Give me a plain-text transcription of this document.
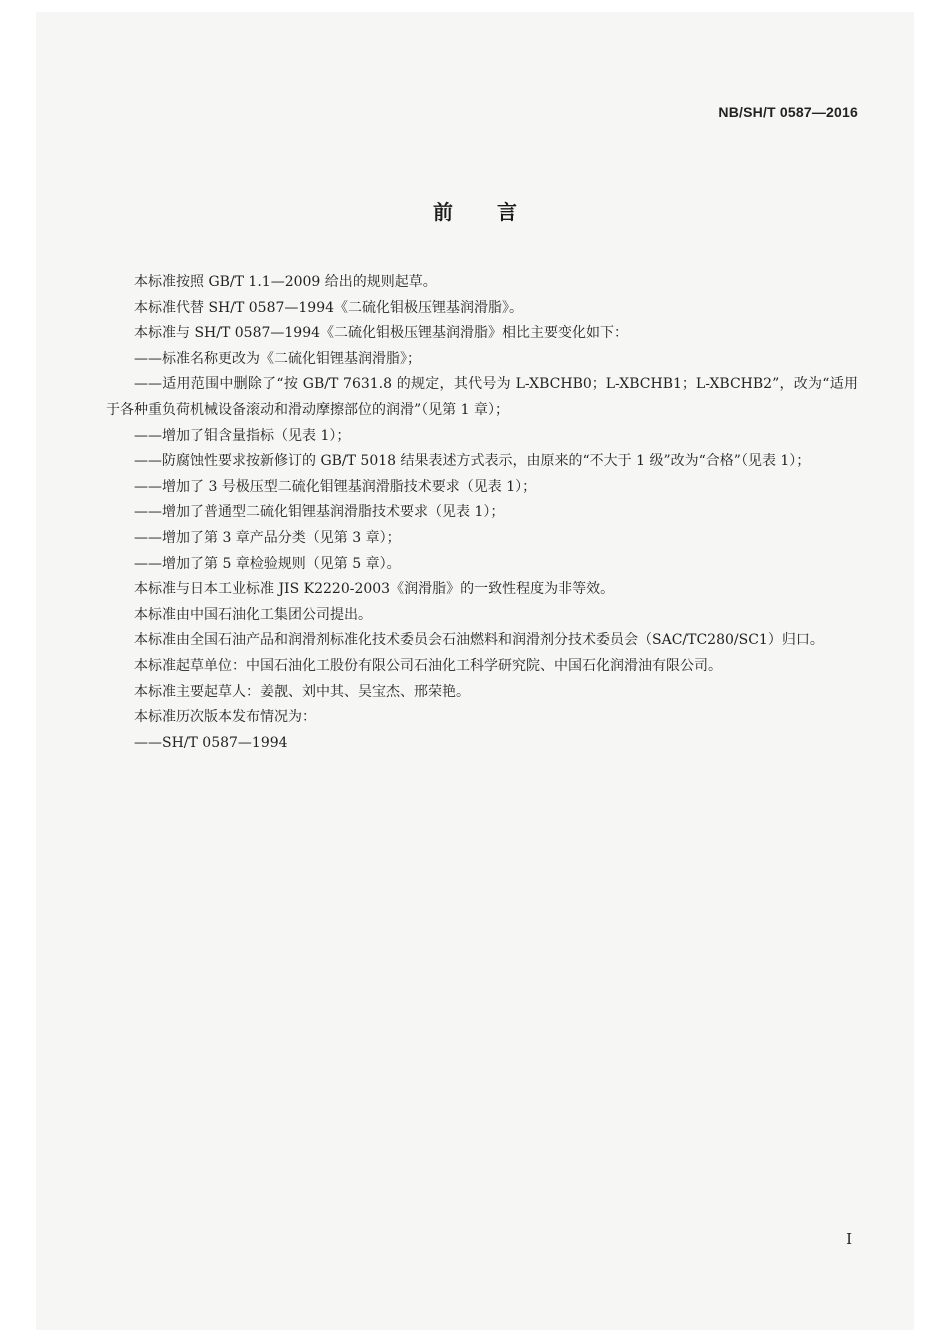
NB/SH/T 0587—2016
前言

本标准按照 GB/T 1.1—2009 给出的规则起草。

本标准代替 SH/T 0587—1994《二硫化钼极压锂基润滑脂》。

本标准与 SH/T 0587—1994《二硫化钼极压锂基润滑脂》相比主要变化如下：

——标准名称更改为《二硫化钼锂基润滑脂》；

——适用范围中删除了“按 GB/T 7631.8 的规定，其代号为 L-XBCHB0；L-XBCHB1；L-XBCHB2”，改为“适用于各种重负荷机械设备滚动和滑动摩擦部位的润滑”（见第 1 章）；

——增加了钼含量指标（见表 1）；

——防腐蚀性要求按新修订的 GB/T 5018 结果表述方式表示，由原来的“不大于 1 级”改为“合格”（见表 1）；

——增加了 3 号极压型二硫化钼锂基润滑脂技术要求（见表 1）；

——增加了普通型二硫化钼锂基润滑脂技术要求（见表 1）；

——增加了第 3 章产品分类（见第 3 章）；

——增加了第 5 章检验规则（见第 5 章）。

本标准与日本工业标准 JIS K2220-2003《润滑脂》的一致性程度为非等效。

本标准由中国石油化工集团公司提出。

本标准由全国石油产品和润滑剂标准化技术委员会石油燃料和润滑剂分技术委员会（SAC/TC280/SC1）归口。

本标准起草单位：中国石油化工股份有限公司石油化工科学研究院、中国石化润滑油有限公司。

本标准主要起草人：姜靓、刘中其、吴宝杰、邢荣艳。

本标准历次版本发布情况为：

——SH/T 0587—1994

I
